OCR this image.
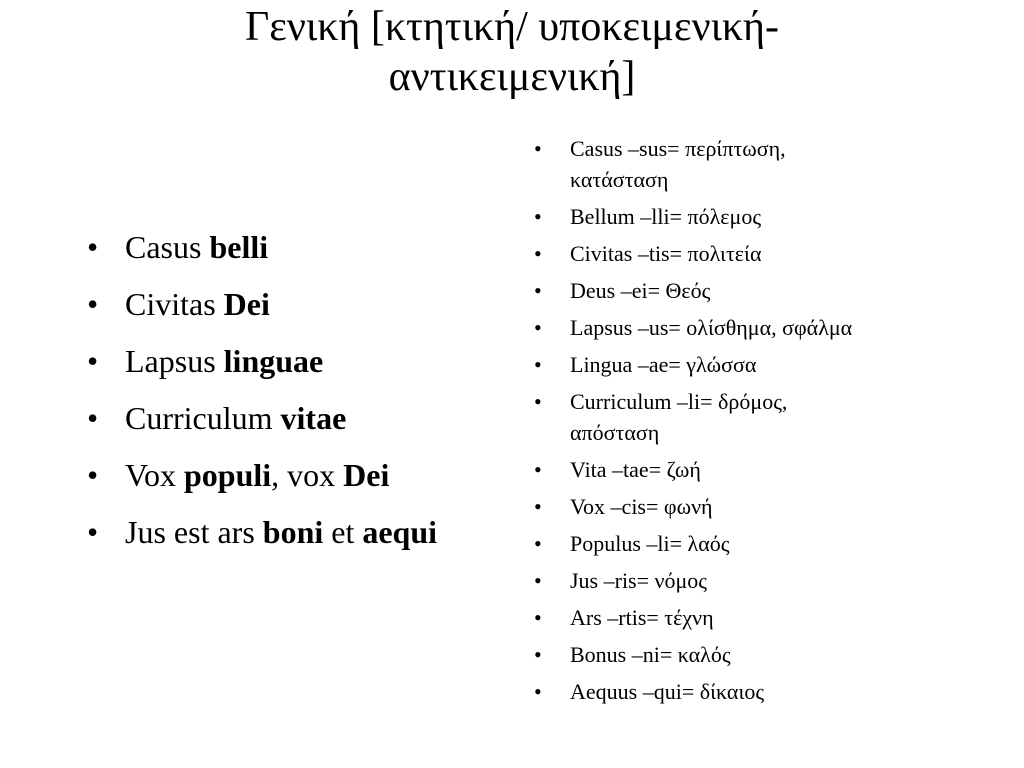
Γενική [κτητική/ υποκειμενική-
αντικειμενική]
• Casus belli
• Civitas Dei
• Lapsus linguae
• Curriculum vitae
• Vox populi, vox Dei
• Jus est ars boni et aequi
• Casus –sus= περίπτωση,
κατάσταση
• Bellum –lli= πόλεμος
• Civitas –tis= πολιτεία
• Deus –ei= Θεός
• Lapsus –us= ολίσθημα, σφάλμα
• Lingua –ae= γλώσσα
• Curriculum –li= δρόμος,
απόσταση
• Vita –tae= ζωή
• Vox –cis= φωνή
• Populus –li= λαός
• Jus –ris= νόμος
• Ars –rtis= τέχνη
• Bonus –ni= καλός
• Aequus –qui= δίκαιος
